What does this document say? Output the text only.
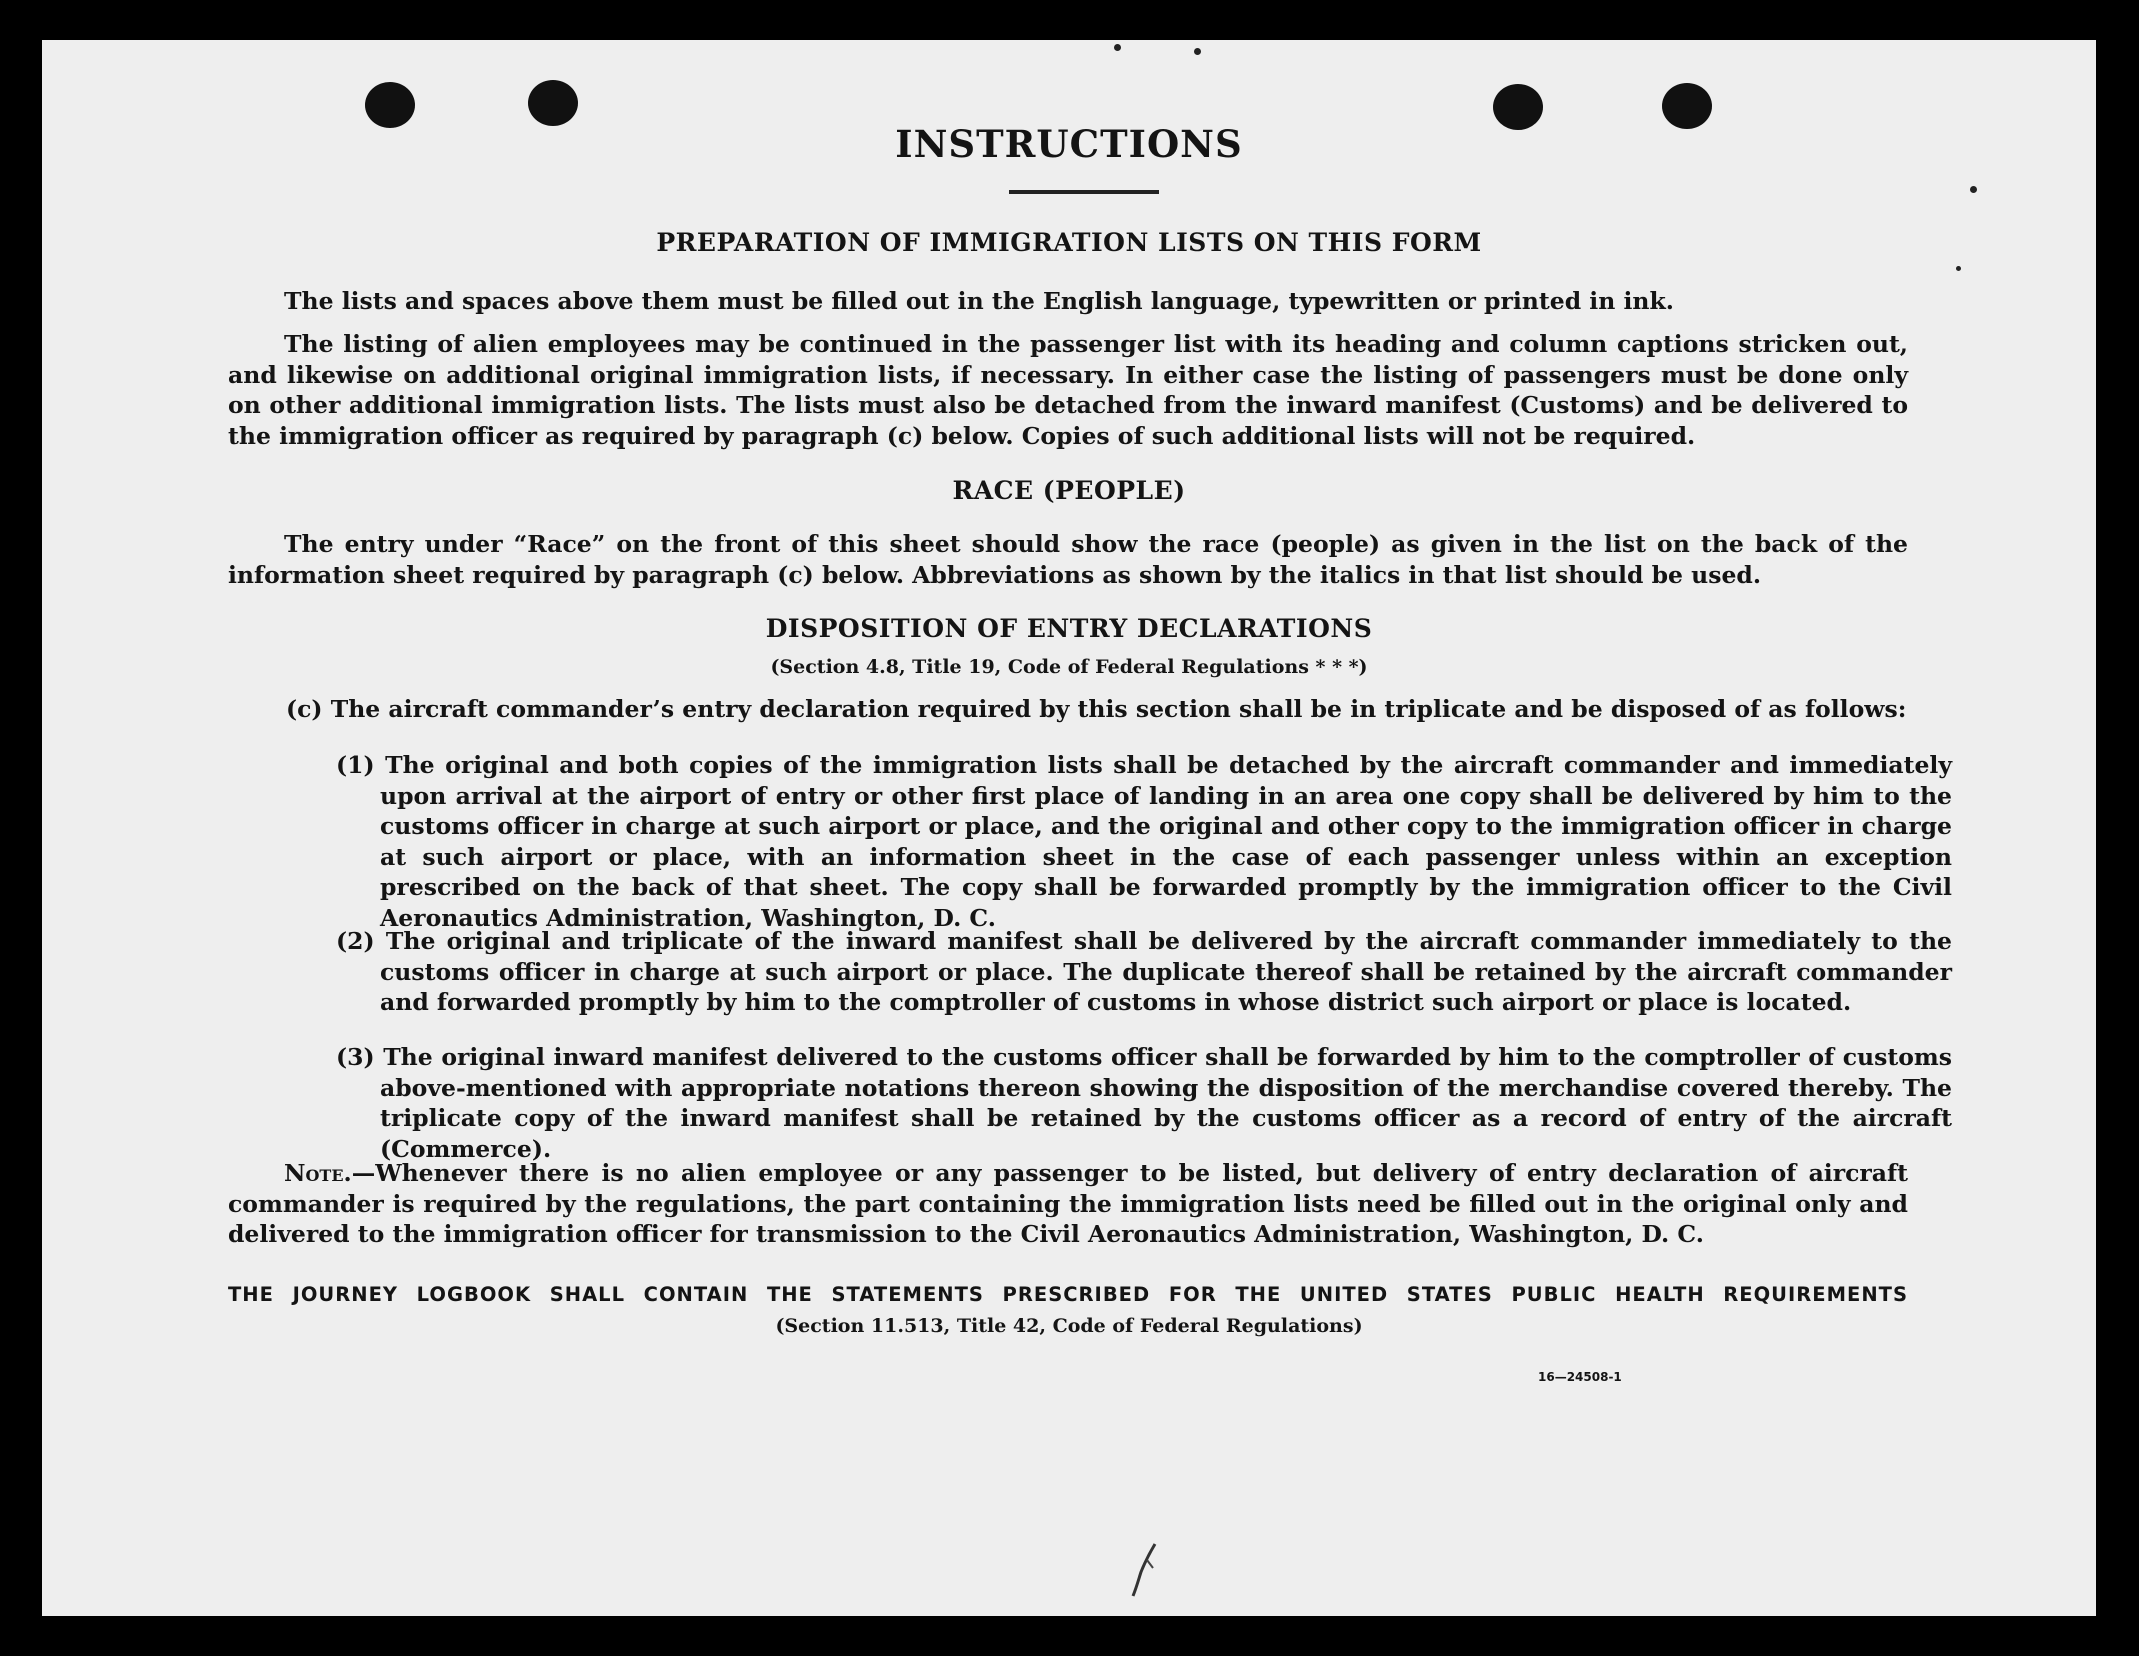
INSTRUCTIONS
PREPARATION OF IMMIGRATION LISTS ON THIS FORM

The lists and spaces above them must be filled out in the English language, typewritten or printed in ink.

The listing of alien employees may be continued in the passenger list with its heading and column captions stricken out, and likewise on additional original immigration lists, if necessary. In either case the listing of passengers must be done only on other additional immigration lists. The lists must also be detached from the inward manifest (Customs) and be delivered to the immigration officer as required by paragraph (c) below. Copies of such additional lists will not be required.

RACE (PEOPLE)

The entry under “Race” on the front of this sheet should show the race (people) as given in the list on the back of the information sheet required by paragraph (c) below. Abbreviations as shown by the italics in that list should be used.

DISPOSITION OF ENTRY DECLARATIONS
(Section 4.8, Title 19, Code of Federal Regulations * * *)

(c) The aircraft commander’s entry declaration required by this section shall be in triplicate and be disposed of as follows:

(1) The original and both copies of the immigration lists shall be detached by the aircraft commander and immediately upon arrival at the airport of entry or other first place of landing in an area one copy shall be delivered by him to the customs officer in charge at such airport or place, and the original and other copy to the immigration officer in charge at such airport or place, with an information sheet in the case of each passenger unless within an exception prescribed on the back of that sheet. The copy shall be forwarded promptly by the immigration officer to the Civil Aeronautics Administration, Washington, D. C.

(2) The original and triplicate of the inward manifest shall be delivered by the aircraft commander immediately to the customs officer in charge at such airport or place. The duplicate thereof shall be retained by the aircraft commander and forwarded promptly by him to the comptroller of customs in whose district such airport or place is located.

(3) The original inward manifest delivered to the customs officer shall be forwarded by him to the comptroller of customs above-mentioned with appropriate notations thereon showing the disposition of the merchandise covered thereby. The triplicate copy of the inward manifest shall be retained by the customs officer as a record of entry of the aircraft (Commerce).

Note.—Whenever there is no alien employee or any passenger to be listed, but delivery of entry declaration of aircraft commander is required by the regulations, the part containing the immigration lists need be filled out in the original only and delivered to the immigration officer for transmission to the Civil Aeronautics Administration, Washington, D. C.

THE JOURNEY LOGBOOK SHALL CONTAIN THE STATEMENTS PRESCRIBED FOR THE UNITED STATES PUBLIC HEALTH REQUIREMENTS
(Section 11.513, Title 42, Code of Federal Regulations)
16—24508-1
